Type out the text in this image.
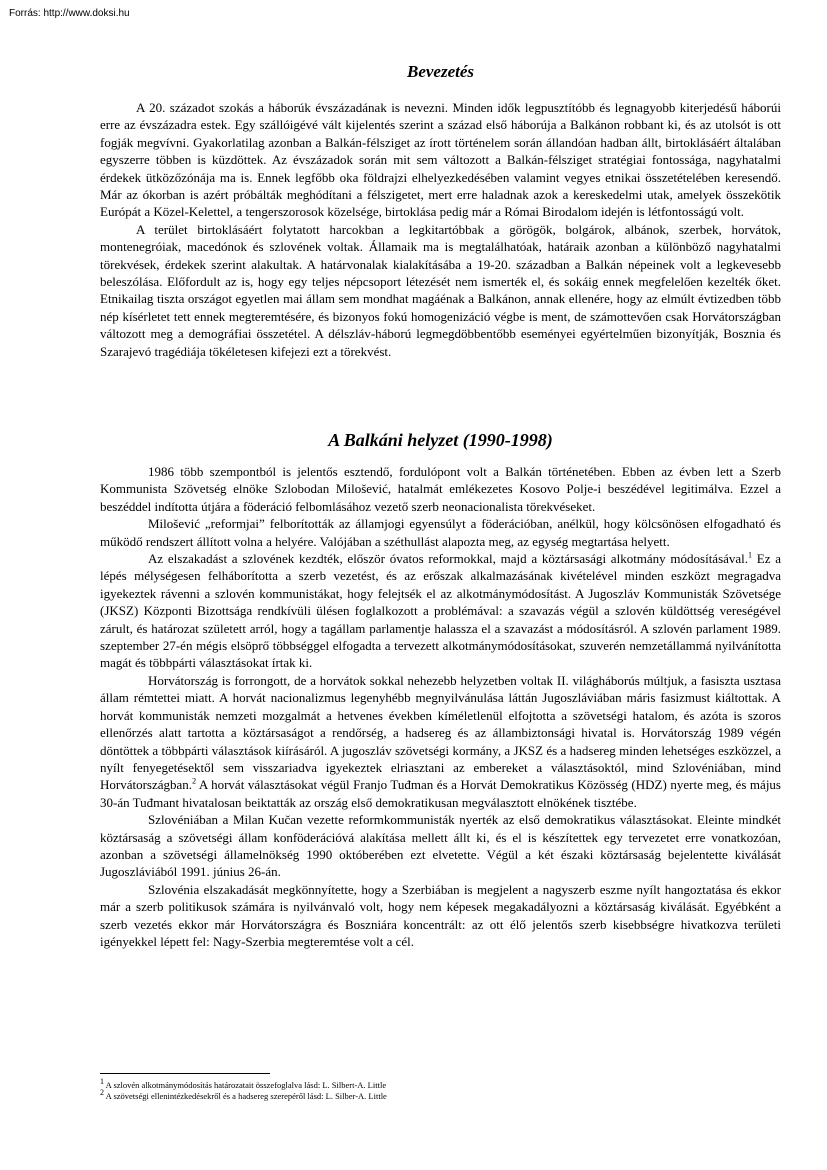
Forrás: http://www.doksi.hu
Bevezetés

A 20. századot szokás a háborúk évszázadának is nevezni. Minden idők legpusztítóbb és legnagyobb kiterjedésű háborúi erre az évszázadra estek. Egy szállóigévé vált kijelentés szerint a század első háborúja a Balkánon robbant ki, és az utolsót is ott fogják megvívni. Gyakorlatilag azonban a Balkán-félsziget az írott történelem során állandóan hadban állt, birtoklásáért általában egyszerre többen is küzdöttek. Az évszázadok során mit sem változott a Balkán-félsziget stratégiai fontossága, nagyhatalmi érdekek ütközőzónája ma is. Ennek legfőbb oka földrajzi elhelyezkedésében valamint vegyes etnikai összetételében keresendő. Már az ókorban is azért próbálták meghódítani a félszigetet, mert erre haladnak azok a kereskedelmi utak, amelyek összekötik Európát a Közel-Kelettel, a tengerszorosok közelsége, birtoklása pedig már a Római Birodalom idején is létfontosságú volt.

A terület birtoklásáért folytatott harcokban a legkitartóbbak a görögök, bolgárok, albánok, szerbek, horvátok, montenegróiak, macedónok és szlovének voltak. Államaik ma is megtalálhatóak, határaik azonban a különböző nagyhatalmi törekvések, érdekek szerint alakultak. A határvonalak kialakításába a 19-20. században a Balkán népeinek volt a legkevesebb beleszólása. Előfordult az is, hogy egy teljes népcsoport létezését nem ismerték el, és sokáig ennek megfelelően kezelték őket. Etnikailag tiszta országot egyetlen mai állam sem mondhat magáénak a Balkánon, annak ellenére, hogy az elmúlt évtizedben több nép kísérletet tett ennek megteremtésére, és bizonyos fokú homogenizáció végbe is ment, de számottevően csak Horvátországban változott meg a demográfiai összetétel. A délszláv-háború legmegdöbbentőbb eseményei egyértelműen bizonyítják, Bosznia és Szarajevó tragédiája tökéletesen kifejezi ezt a törekvést.

A Balkáni helyzet (1990-1998)

1986 több szempontból is jelentős esztendő, fordulópont volt a Balkán történetében. Ebben az évben lett a Szerb Kommunista Szövetség elnöke Szlobodan Milošević, hatalmát emlékezetes Kosovo Polje-i beszédével legitimálva. Ezzel a beszéddel indította útjára a föderáció felbomlásához vezető szerb neonacionalista törekvéseket.

Milošević „reformjai” felborították az államjogi egyensúlyt a föderációban, anélkül, hogy kölcsönösen elfogadható és működő rendszert állított volna a helyére. Valójában a széthullást alapozta meg, az egység megtartása helyett.

Az elszakadást a szlovének kezdték, először óvatos reformokkal, majd a köztársasági alkotmány módosításával.$^1$ Ez a lépés mélységesen felháborította a szerb vezetést, és az erőszak alkalmazásának kivételével minden eszközt megragadva igyekeztek rávenni a szlovén kommunistákat, hogy felejtsék el az alkotmánymódosítást. A Jugoszláv Kommunisták Szövetsége (JKSZ) Központi Bizottsága rendkívüli ülésen foglalkozott a problémával: a szavazás végül a szlovén küldöttség vereségével zárult, és határozat született arról, hogy a tagállam parlamentje halassza el a szavazást a módosításról. A szlovén parlament 1989. szeptember 27-én mégis elsöprő többséggel elfogadta a tervezett alkotmánymódosításokat, szuverén nemzetállammá nyilvánította magát és többpárti választásokat írtak ki.

Horvátország is forrongott, de a horvátok sokkal nehezebb helyzetben voltak II. világháborús múltjuk, a fasiszta usztasa állam rémtettei miatt. A horvát nacionalizmus legenyhébb megnyilvánulása láttán Jugoszláviában máris fasizmust kiáltottak. A horvát kommunisták nemzeti mozgalmát a hetvenes években kíméletlenül elfojtotta a szövetségi hatalom, és azóta is szoros ellenőrzés alatt tartotta a köztársaságot a rendőrség, a hadsereg és az állambiztonsági hivatal is. Horvátország 1989 végén döntöttek a többpárti választások kiírásáról. A jugoszláv szövetségi kormány, a JKSZ és a hadsereg minden lehetséges eszközzel, a nyílt fenyegetésektől sem visszariadva igyekeztek elriasztani az embereket a választásoktól, mind Szlovéniában, mind Horvátországban.$^2$ A horvát választásokat végül Franjo Tuđman és a Horvát Demokratikus Közösség (HDZ) nyerte meg, és május 30-án Tuđmant hivatalosan beiktatták az ország első demokratikusan megválasztott elnökének tisztébe.

Szlovéniában a Milan Kučan vezette reformkommunisták nyerték az első demokratikus választásokat. Eleinte mindkét köztársaság a szövetségi állam konföderációvá alakítása mellett állt ki, és el is készítettek egy tervezetet erre vonatkozóan, azonban a szövetségi államelnökség 1990 októberében ezt elvetette. Végül a két északi köztársaság bejelentette kiválását Jugoszláviából 1991. június 26-án.

Szlovénia elszakadását megkönnyítette, hogy a Szerbiában is megjelent a nagyszerb eszme nyílt hangoztatása és ekkor már a szerb politikusok számára is nyilvánvaló volt, hogy nem képesek megakadályozni a köztársaság kiválását. Egyébként a szerb vezetés ekkor már Horvátországra és Boszniára koncentrált: az ott élő jelentős szerb kisebbségre hivatkozva területi igényekkel lépett fel: Nagy-Szerbia megteremtése volt a cél.

$^1$ A szlovén alkotmánymódosítás határozatait összefoglalva lásd: L. Silbert-A. Little
$^2$ A szövetségi ellenintézkedésekről és a hadsereg szerepéről lásd: L. Silber-A. Little
